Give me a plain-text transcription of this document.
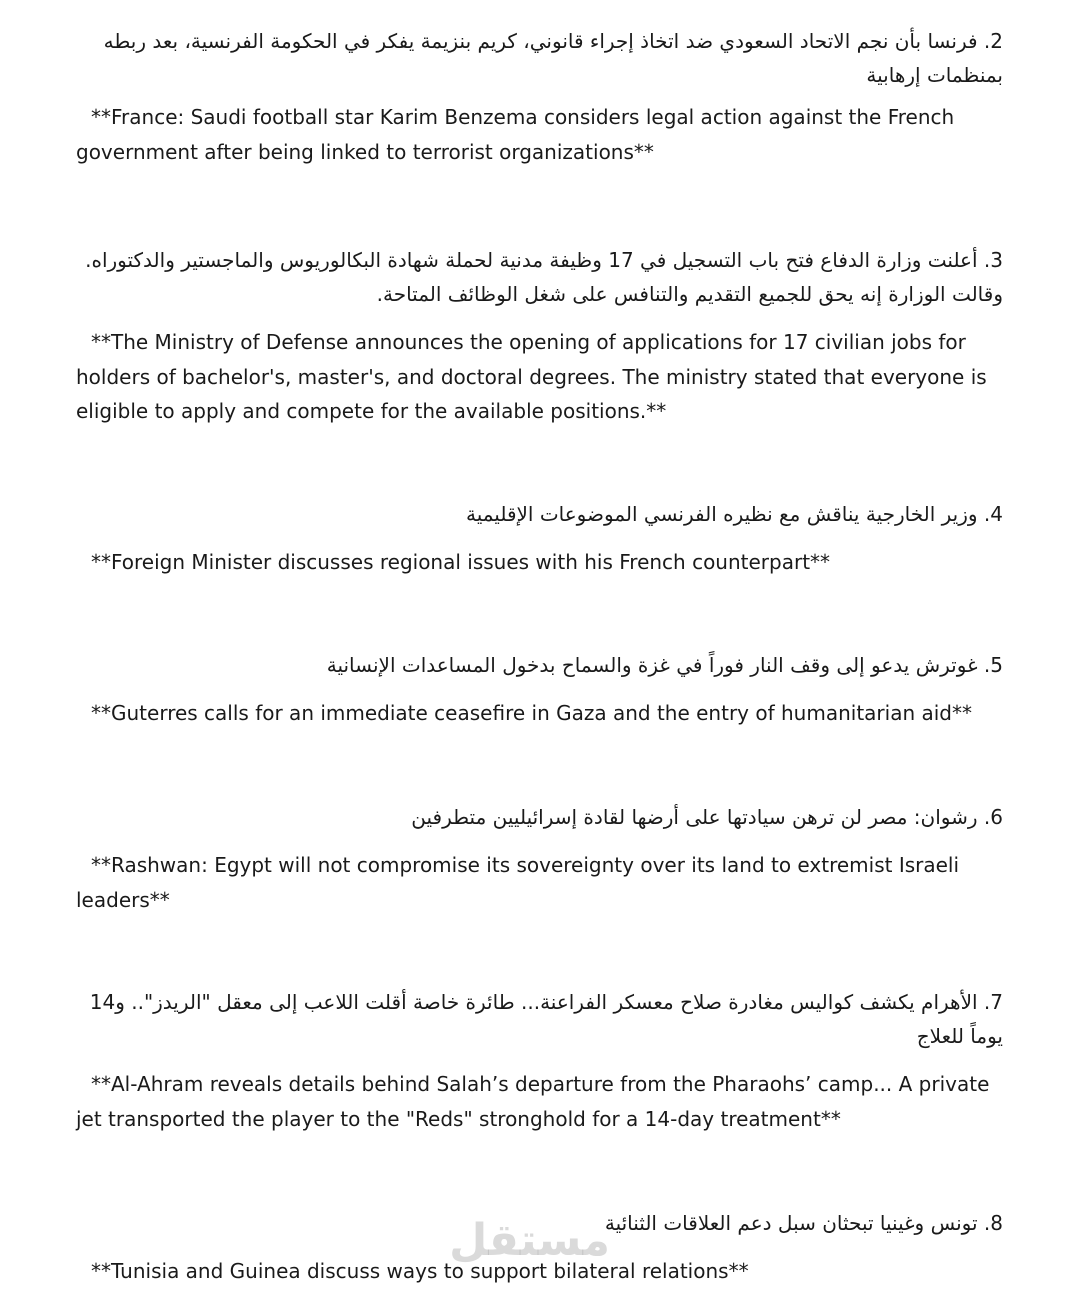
2. فرنسا بأن نجم الاتحاد السعودي ضد اتخاذ إجراء قانوني، كريم بنزيمة يفكر في الحكومة الفرنسية، بعد ربطه بمنظمات إرهابية
**France: Saudi football star Karim Benzema considers legal action against the French government after being linked to terrorist organizations**
3. أعلنت وزارة الدفاع فتح باب التسجيل في 17 وظيفة مدنية لحملة شهادة البكالوريوس والماجستير والدكتوراه. وقالت الوزارة إنه يحق للجميع التقديم والتنافس على شغل الوظائف المتاحة.
**The Ministry of Defense announces the opening of applications for 17 civilian jobs for holders of bachelor's, master's, and doctoral degrees. The ministry stated that everyone is eligible to apply and compete for the available positions.**
4. وزير الخارجية يناقش مع نظيره الفرنسي الموضوعات الإقليمية
**Foreign Minister discusses regional issues with his French counterpart**
5. غوترش يدعو إلى وقف النار فوراً في غزة والسماح بدخول المساعدات الإنسانية
**Guterres calls for an immediate ceasefire in Gaza and the entry of humanitarian aid**
6. رشوان: مصر لن ترهن سيادتها على أرضها لقادة إسرائيليين متطرفين
**Rashwan: Egypt will not compromise its sovereignty over its land to extremist Israeli leaders**
7. الأهرام يكشف كواليس مغادرة صلاح معسكر الفراعنة... طائرة خاصة أقلت اللاعب إلى معقل "الريدز".. و14 يوماً للعلاج
**Al-Ahram reveals details behind Salah’s departure from the Pharaohs’ camp... A private jet transported the player to the "Reds" stronghold for a 14-day treatment**
8. تونس وغينيا تبحثان سبل دعم العلاقات الثنائية
**Tunisia and Guinea discuss ways to support bilateral relations**
مستقل
